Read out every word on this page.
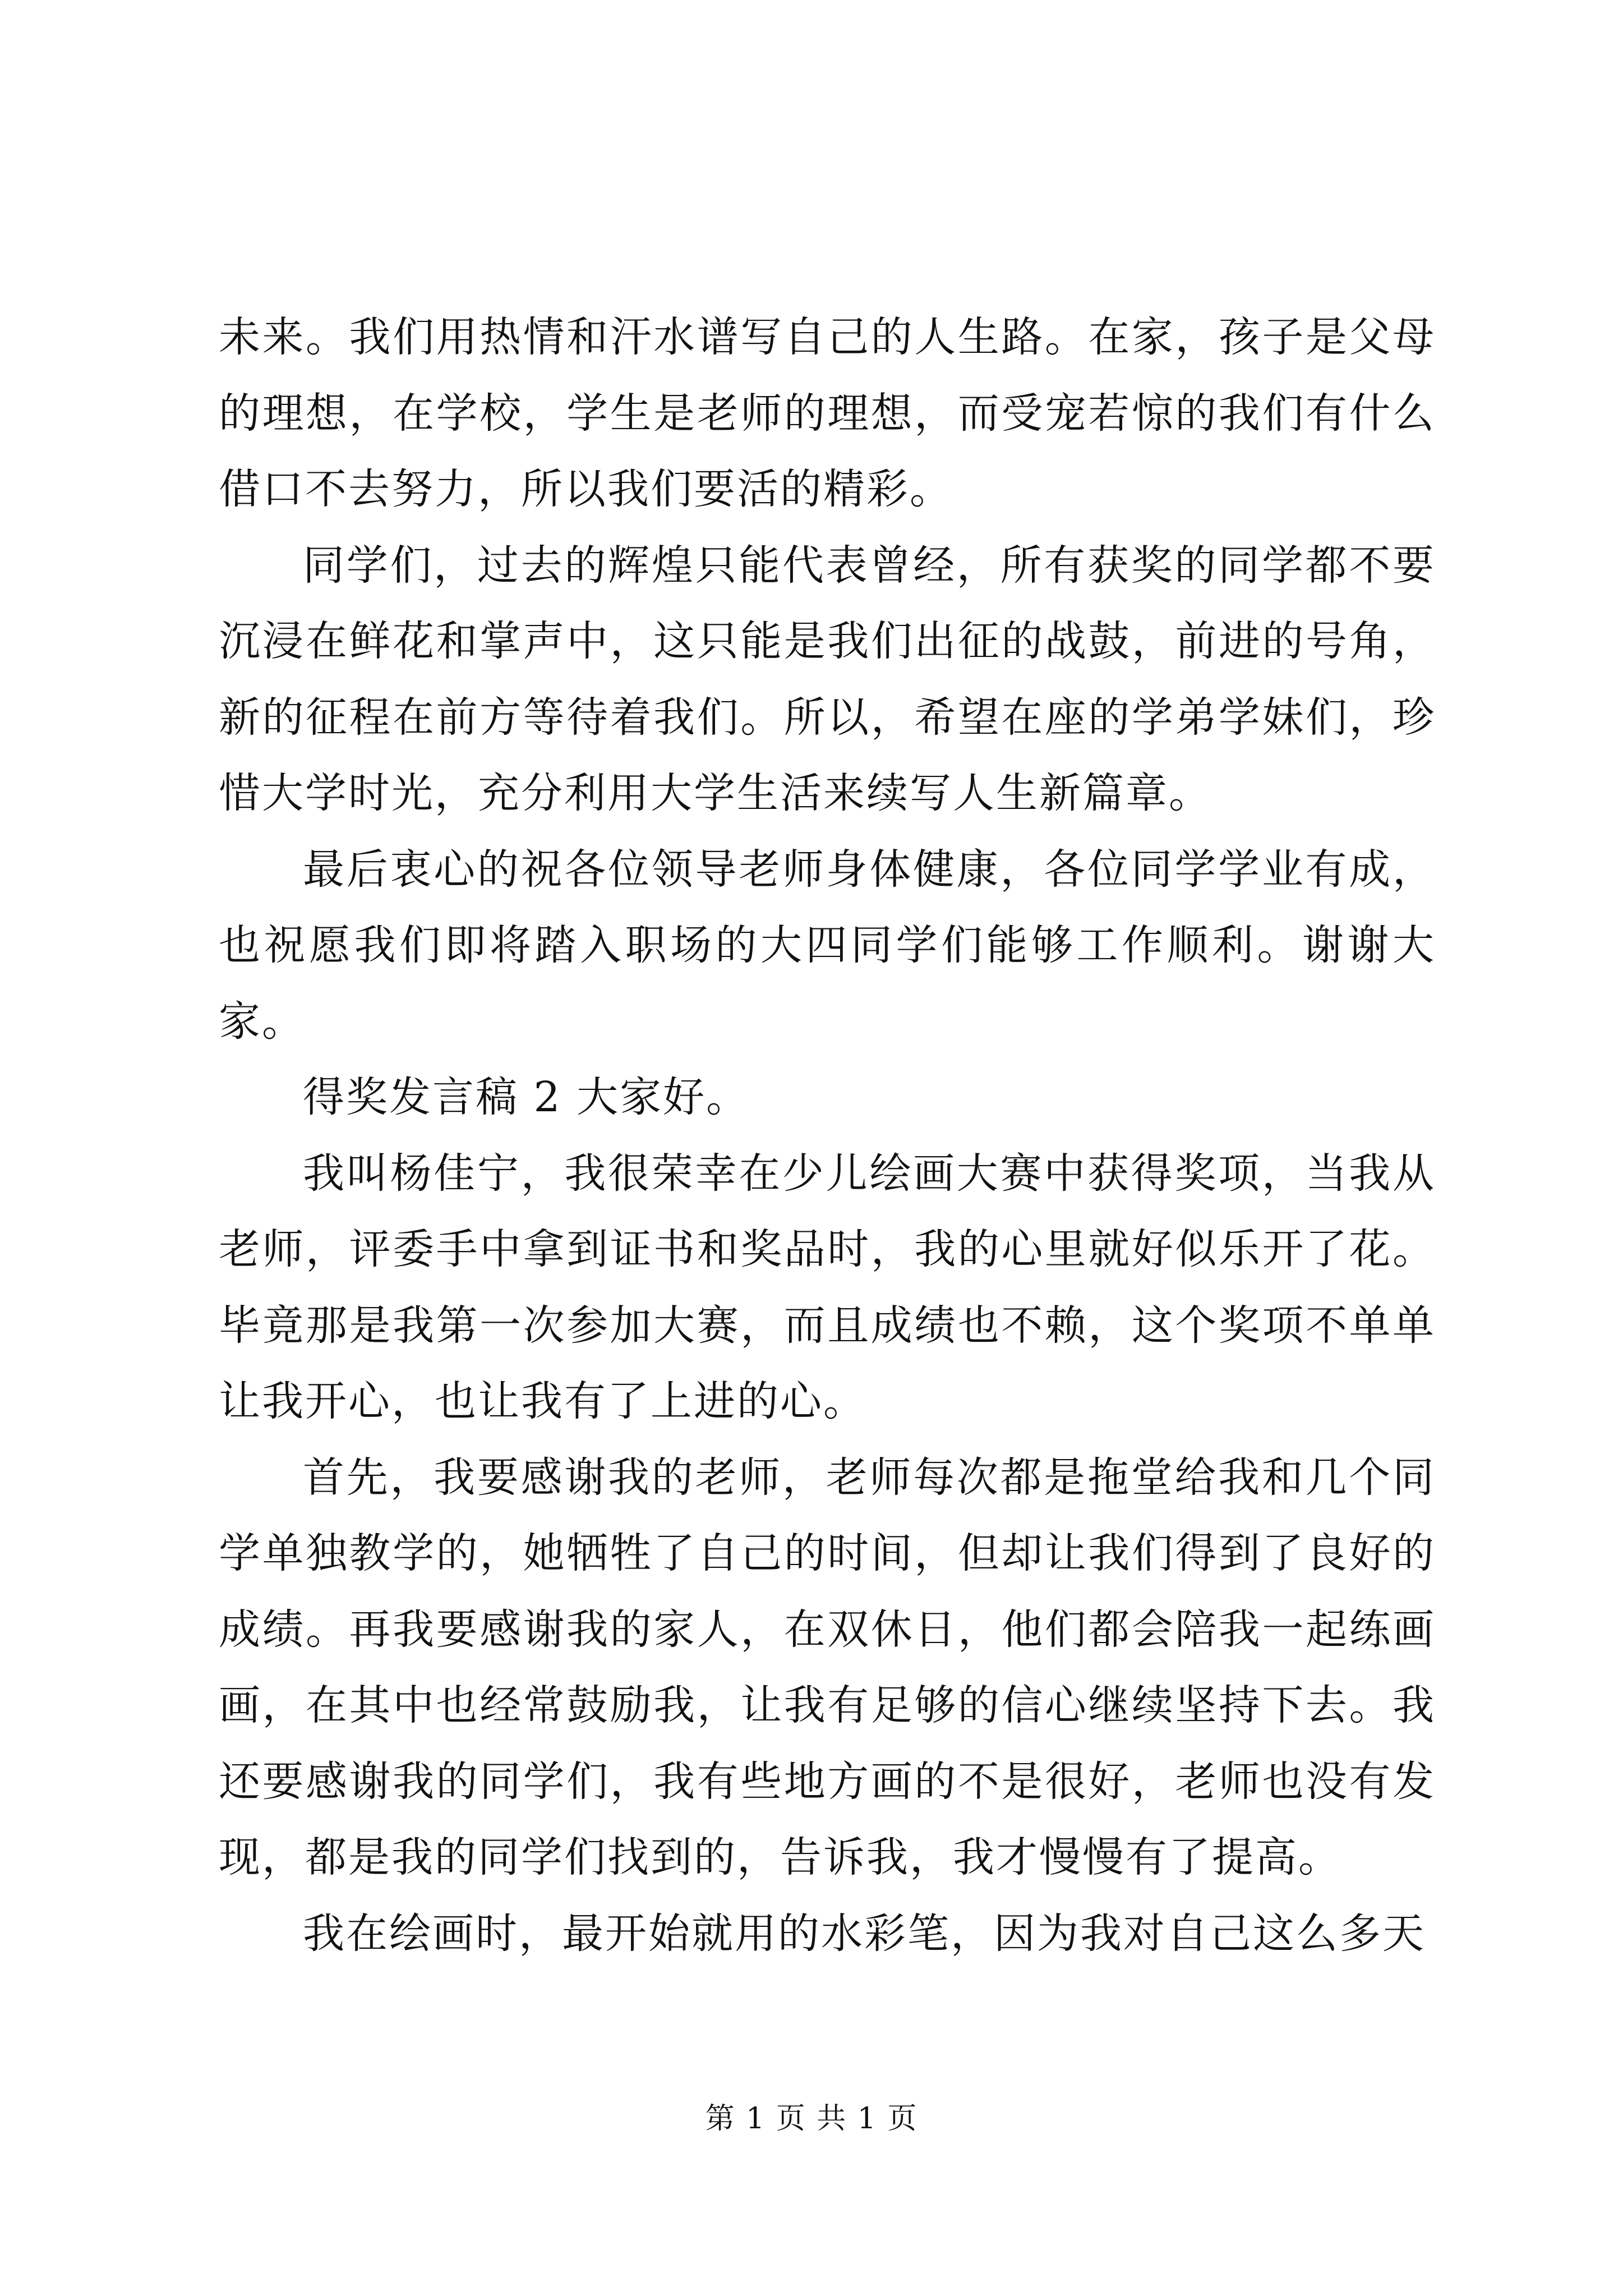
未来。我们用热情和汗水谱写自己的人生路。在家，孩子是父母的理想，在学校，学生是老师的理想，而受宠若惊的我们有什么借口不去努力，所以我们要活的精彩。

同学们，过去的辉煌只能代表曾经，所有获奖的同学都不要沉浸在鲜花和掌声中，这只能是我们出征的战鼓，前进的号角，新的征程在前方等待着我们。所以，希望在座的学弟学妹们，珍惜大学时光，充分利用大学生活来续写人生新篇章。

最后衷心的祝各位领导老师身体健康，各位同学学业有成，也祝愿我们即将踏入职场的大四同学们能够工作顺利。谢谢大家。

得奖发言稿 2 大家好。

我叫杨佳宁，我很荣幸在少儿绘画大赛中获得奖项，当我从老师，评委手中拿到证书和奖品时，我的心里就好似乐开了花。毕竟那是我第一次参加大赛，而且成绩也不赖，这个奖项不单单让我开心，也让我有了上进的心。

首先，我要感谢我的老师，老师每次都是拖堂给我和几个同学单独教学的，她牺牲了自己的时间，但却让我们得到了良好的成绩。再我要感谢我的家人，在双休日，他们都会陪我一起练画画，在其中也经常鼓励我，让我有足够的信心继续坚持下去。我还要感谢我的同学们，我有些地方画的不是很好，老师也没有发现，都是我的同学们找到的，告诉我，我才慢慢有了提高。

我在绘画时，最开始就用的水彩笔，因为我对自己这么多天

第 1 页 共 1 页
